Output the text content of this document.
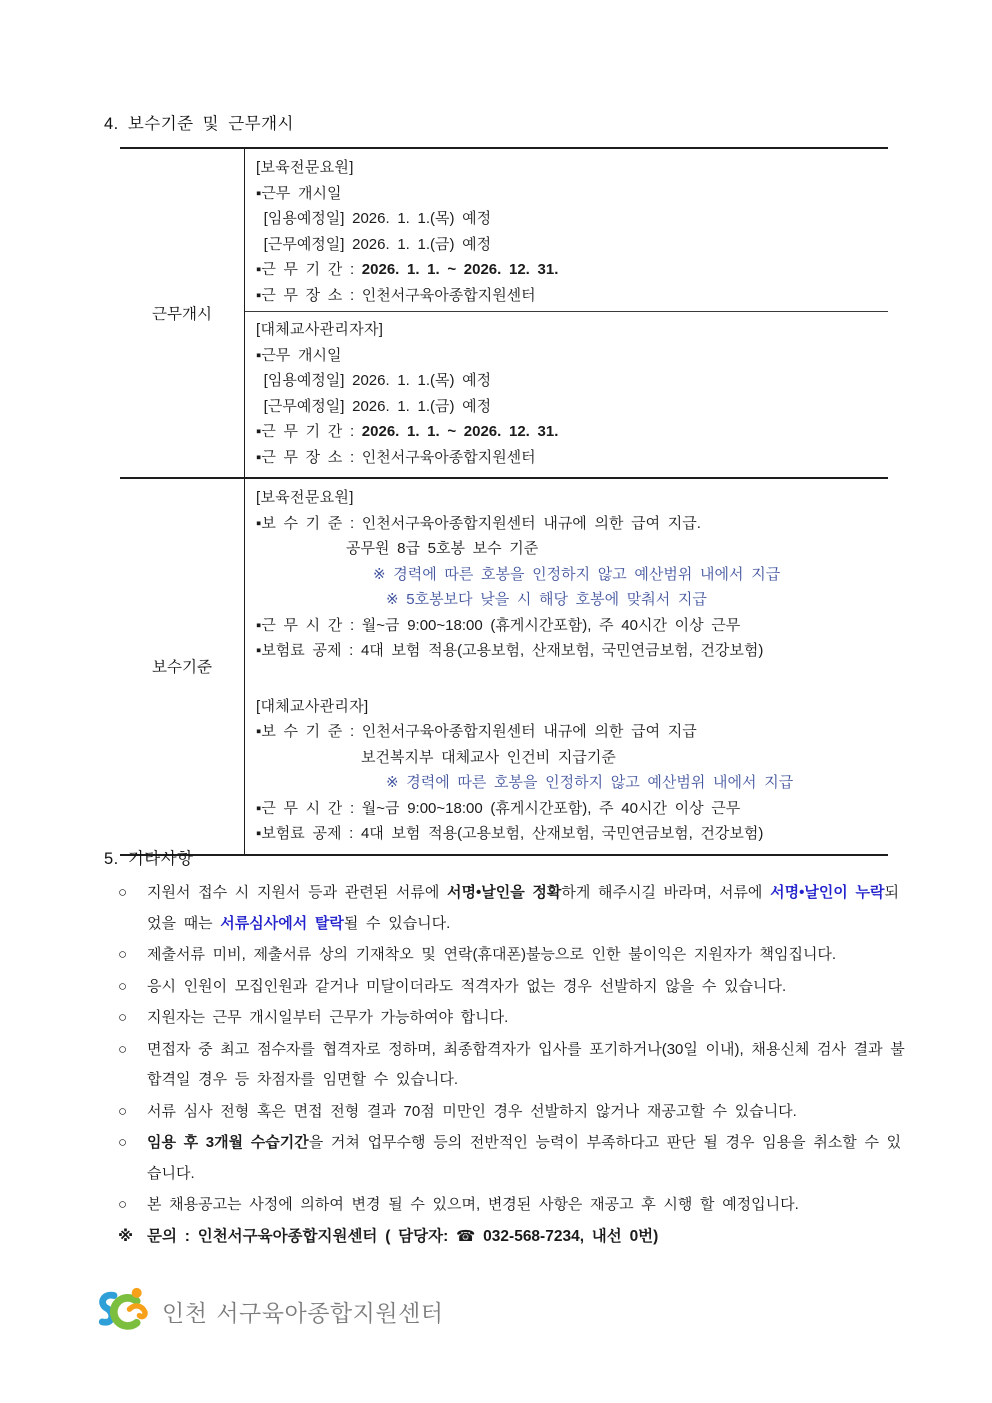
4. 보수기준 및 근무개시
근무개시
[보육전문요원]
▪근무 개시일
[임용예정일] 2026. 1. 1.(목) 예정
[근무예정일] 2026. 1. 1.(금) 예정
▪근 무 기 간 : 2026. 1. 1. ~ 2026. 12. 31.
▪근 무 장 소 : 인천서구육아종합지원센터
[대체교사관리자자]
▪근무 개시일
[임용예정일] 2026. 1. 1.(목) 예정
[근무예정일] 2026. 1. 1.(금) 예정
▪근 무 기 간 : 2026. 1. 1. ~ 2026. 12. 31.
▪근 무 장 소 : 인천서구육아종합지원센터
보수기준
[보육전문요원]
▪보 수 기 준 : 인천서구육아종합지원센터 내규에 의한 급여 지급.
공무원 8급 5호봉 보수 기준
※ 경력에 따른 호봉을 인정하지 않고 예산범위 내에서 지급
※ 5호봉보다 낮을 시 해당 호봉에 맞춰서 지급
▪근 무 시 간 : 월~금 9:00~18:00 (휴게시간포함), 주 40시간 이상 근무
▪보험료 공제 : 4대 보험 적용(고용보험, 산재보험, 국민연금보험, 건강보험)
[대체교사관리자]
▪보 수 기 준 : 인천서구육아종합지원센터 내규에 의한 급여 지급
보건복지부 대체교사 인건비 지급기준
※ 경력에 따른 호봉을 인정하지 않고 예산범위 내에서 지급
▪근 무 시 간 : 월~금 9:00~18:00 (휴게시간포함), 주 40시간 이상 근무
▪보험료 공제 : 4대 보험 적용(고용보험, 산재보험, 국민연금보험, 건강보험)
5. 기타사항
○	지원서 접수 시 지원서 등과 관련된 서류에 서명•날인을 정확하게 해주시길 바라며, 서류에 서명•날인이 누락되었을 때는 서류심사에서 탈락될 수 있습니다.

○	제출서류 미비, 제출서류 상의 기재착오 및 연락(휴대폰)불능으로 인한 불이익은 지원자가 책임집니다.

○	응시 인원이 모집인원과 같거나 미달이더라도 적격자가 없는 경우 선발하지 않을 수 있습니다.

○	지원자는 근무 개시일부터 근무가 가능하여야 합니다.

○	면접자 중 최고 점수자를 협격자로 정하며, 최종합격자가 입사를 포기하거나(30일 이내), 채용신체 검사 결과 불합격일 경우 등 차점자를 임면할 수 있습니다.

○	서류 심사 전형 혹은 면접 전형 결과 70점 미만인 경우 선발하지 않거나 재공고할 수 있습니다.

○	임용 후 3개월 수습기간을 거쳐 업무수행 등의 전반적인 능력이 부족하다고 판단 될 경우 임용을 취소할 수 있습니다.

○	본 채용공고는 사정에 의하여 변경 될 수 있으며, 변경된 사항은 재공고 후 시행 할 예정입니다.

※ 문의 : 인천서구육아종합지원센터 ( 담당자: ☎ 032-568-7234, 내선 0번)

인천 서구육아종합지원센터
